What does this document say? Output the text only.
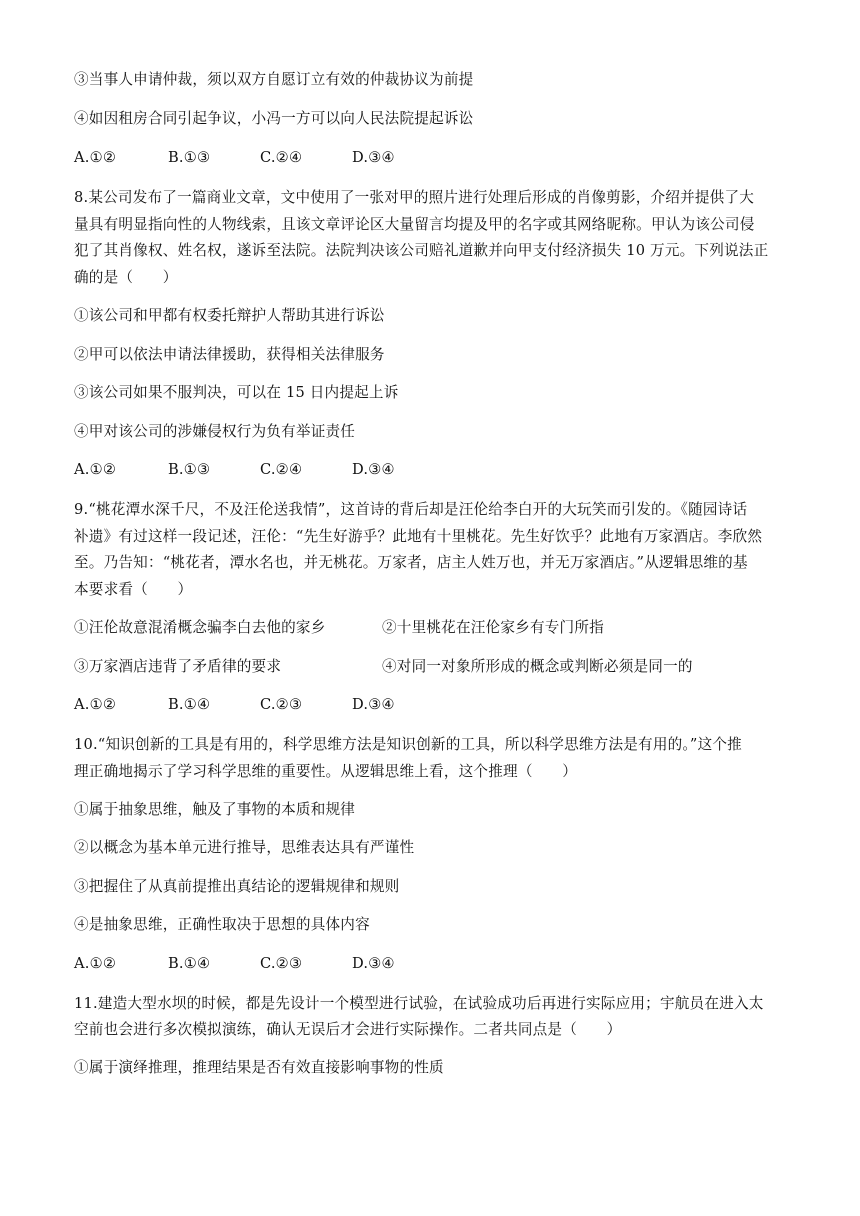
③当事人申请仲裁，须以双方自愿订立有效的仲裁协议为前提
④如因租房合同引起争议，小冯一方可以向人民法院提起诉讼
A.①②	B.①③	C.②④	D.③④
8.某公司发布了一篇商业文章，文中使用了一张对甲的照片进行处理后形成的肖像剪影，介绍并提供了大
量具有明显指向性的人物线索，且该文章评论区大量留言均提及甲的名字或其网络昵称。甲认为该公司侵
犯了其肖像权、姓名权，遂诉至法院。法院判决该公司赔礼道歉并向甲支付经济损失 10 万元。下列说法正
确的是（　　）
①该公司和甲都有权委托辩护人帮助其进行诉讼
②甲可以依法申请法律援助，获得相关法律服务
③该公司如果不服判决，可以在 15 日内提起上诉
④甲对该公司的涉嫌侵权行为负有举证责任
A.①②	B.①③	C.②④	D.③④
9.“桃花潭水深千尺，不及汪伦送我情”，这首诗的背后却是汪伦给李白开的大玩笑而引发的。《随园诗话
补遗》有过这样一段记述，汪伦：“先生好游乎？此地有十里桃花。先生好饮乎？此地有万家酒店。李欣然
至。乃告知：“桃花者，潭水名也，并无桃花。万家者，店主人姓万也，并无万家酒店。”从逻辑思维的基
本要求看（　　）
①汪伦故意混淆概念骗李白去他的家乡	②十里桃花在汪伦家乡有专门所指
③万家酒店违背了矛盾律的要求	④对同一对象所形成的概念或判断必须是同一的
A.①②	B.①④	C.②③	D.③④
10.“知识创新的工具是有用的，科学思维方法是知识创新的工具，所以科学思维方法是有用的。”这个推
理正确地揭示了学习科学思维的重要性。从逻辑思维上看，这个推理（　　）
①属于抽象思维，触及了事物的本质和规律
②以概念为基本单元进行推导，思维表达具有严谨性
③把握住了从真前提推出真结论的逻辑规律和规则
④是抽象思维，正确性取决于思想的具体内容
A.①②	B.①④	C.②③	D.③④
11.建造大型水坝的时候，都是先设计一个模型进行试验，在试验成功后再进行实际应用；宇航员在进入太
空前也会进行多次模拟演练，确认无误后才会进行实际操作。二者共同点是（　　）
①属于演绎推理，推理结果是否有效直接影响事物的性质
